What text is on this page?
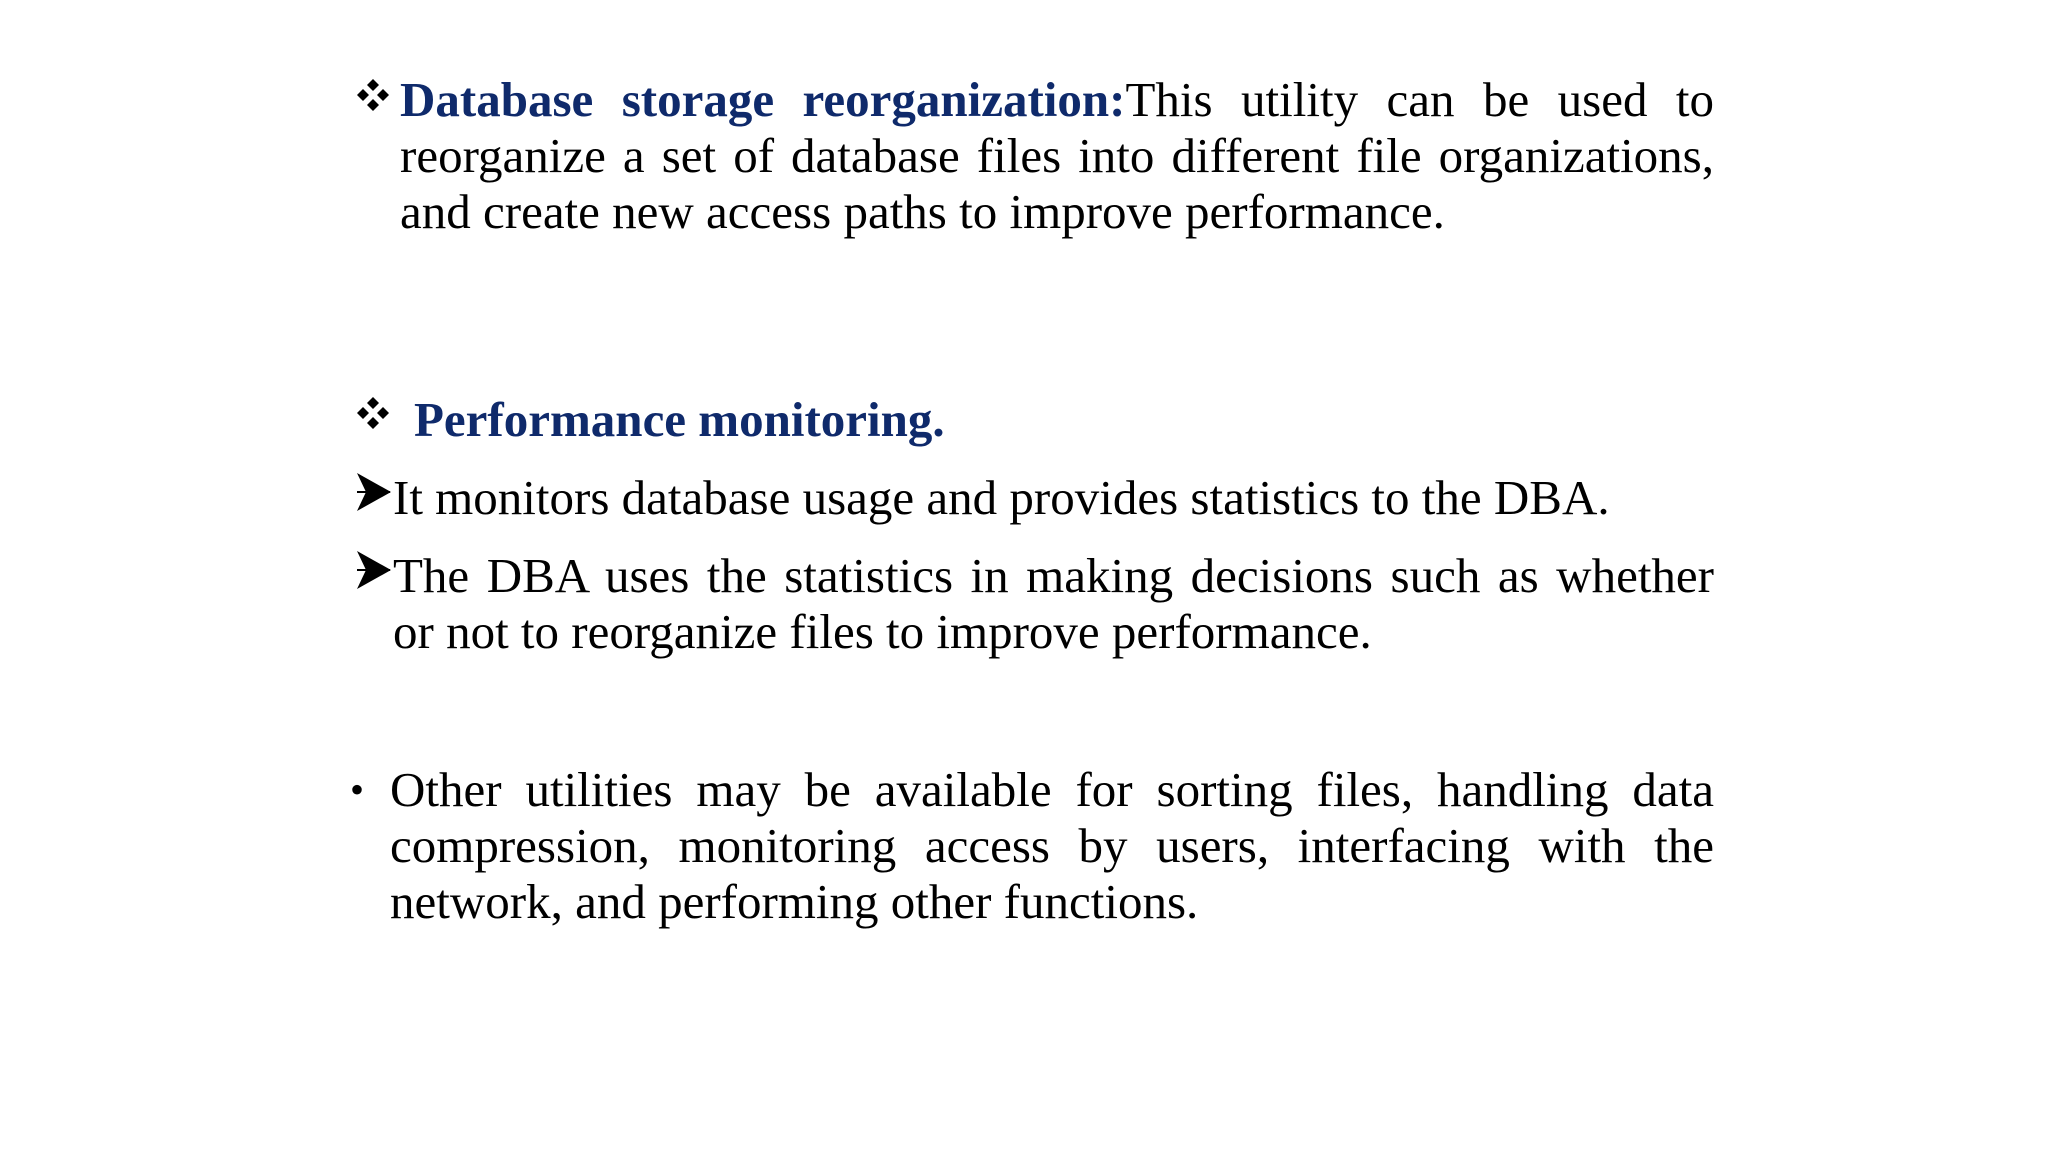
Database storage reorganization:This utility can be used to reorganize a set of database files into different file organizations, and create new access paths to improve performance.
Performance monitoring.
It monitors database usage and provides statistics to the DBA.
The DBA uses the statistics in making decisions such as whether or not to reorganize files to improve performance.
• Other utilities may be available for sorting files, handling data compression, monitoring access by users, interfacing with the network, and performing other functions.
